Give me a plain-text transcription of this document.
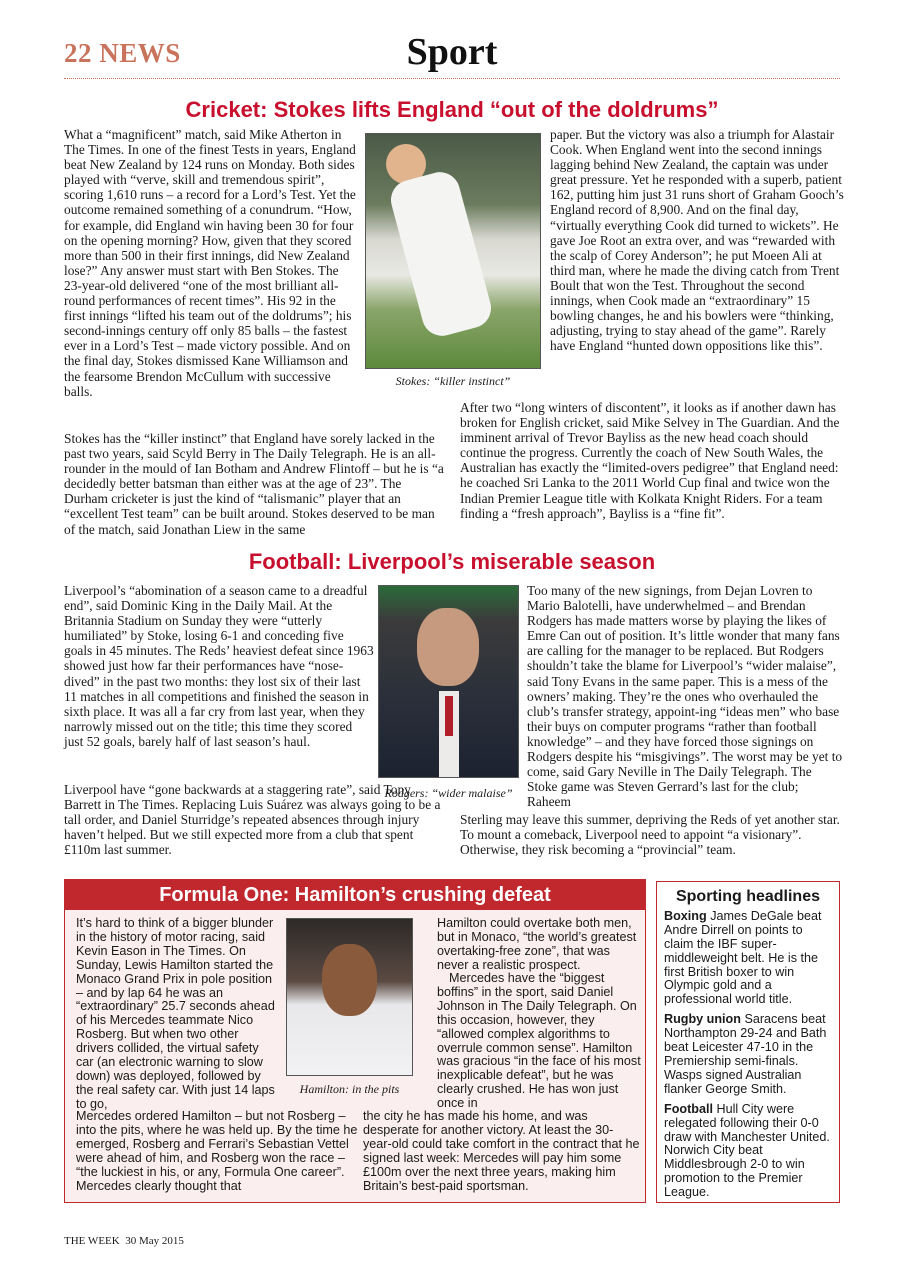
22 NEWS	Sport
Cricket: Stokes lifts England “out of the doldrums”

What a “magnificent” match, said Mike Atherton in The Times. In one of the finest Tests in years, England beat New Zealand by 124 runs on Monday. Both sides played with “verve, skill and tremendous spirit”, scoring 1,610 runs – a record for a Lord’s Test. Yet the outcome remained something of a conundrum. “How, for example, did England win having been 30 for four on the opening morning? How, given that they scored more than 500 in their first innings, did New Zealand lose?” Any answer must start with Ben Stokes. The 23-year-old delivered “one of the most brilliant all-round performances of recent times”. His 92 in the first innings “lifted his team out of the doldrums”; his second-innings century off only 85 balls – the fastest ever in a Lord’s Test – made victory possible. And on the final day, Stokes dismissed Kane Williamson and the fearsome Brendon McCullum with successive balls.

Stokes: “killer instinct”

paper. But the victory was also a triumph for Alastair Cook. When England went into the second innings lagging behind New Zealand, the captain was under great pressure. Yet he responded with a superb, patient 162, putting him just 31 runs short of Graham Gooch’s England record of 8,900. And on the final day, “virtually everything Cook did turned to wickets”. He gave Joe Root an extra over, and was “rewarded with the scalp of Corey Anderson”; he put Moeen Ali at third man, where he made the diving catch from Trent Boult that won the Test. Throughout the second innings, when Cook made an “extraordinary” 15 bowling changes, he and his bowlers were “thinking, adjusting, trying to stay ahead of the game”. Rarely have England “hunted down oppositions like this”.

Stokes has the “killer instinct” that England have sorely lacked in the past two years, said Scyld Berry in The Daily Telegraph. He is an all-rounder in the mould of Ian Botham and Andrew Flintoff – but he is “a decidedly better batsman than either was at the age of 23”. The Durham cricketer is just the kind of “talismanic” player that an “excellent Test team” can be built around. Stokes deserved to be man of the match, said Jonathan Liew in the same

After two “long winters of discontent”, it looks as if another dawn has broken for English cricket, said Mike Selvey in The Guardian. And the imminent arrival of Trevor Bayliss as the new head coach should continue the progress. Currently the coach of New South Wales, the Australian has exactly the “limited-overs pedigree” that England need: he coached Sri Lanka to the 2011 World Cup final and twice won the Indian Premier League title with Kolkata Knight Riders. For a team finding a “fresh approach”, Bayliss is a “fine fit”.

Football: Liverpool’s miserable season

Liverpool’s “abomination of a season came to a dreadful end”, said Dominic King in the Daily Mail. At the Britannia Stadium on Sunday they were “utterly humiliated” by Stoke, losing 6-1 and conceding five goals in 45 minutes. The Reds’ heaviest defeat since 1963 showed just how far their performances have “nose-dived” in the past two months: they lost six of their last 11 matches in all competitions and finished the season in sixth place. It was all a far cry from last year, when they narrowly missed out on the title; this time they scored just 52 goals, barely half of last season’s haul.

Rodgers: “wider malaise”

Too many of the new signings, from Dejan Lovren to Mario Balotelli, have underwhelmed – and Brendan Rodgers has made matters worse by playing the likes of Emre Can out of position. It’s little wonder that many fans are calling for the manager to be replaced. But Rodgers shouldn’t take the blame for Liverpool’s “wider malaise”, said Tony Evans in the same paper. This is a mess of the owners’ making. They’re the ones who overhauled the club’s transfer strategy, appoint-ing “ideas men” who base their buys on computer programs “rather than football knowledge” – and they have forced those signings on Rodgers despite his “misgivings”. The worst may be yet to come, said Gary Neville in The Daily Telegraph. The Stoke game was Steven Gerrard’s last for the club; Raheem

Liverpool have “gone backwards at a staggering rate”, said Tony Barrett in The Times. Replacing Luis Suárez was always going to be a tall order, and Daniel Sturridge’s repeated absences through injury haven’t helped. But we still expected more from a club that spent £110m last summer.

Sterling may leave this summer, depriving the Reds of yet another star. To mount a comeback, Liverpool need to appoint “a visionary”. Otherwise, they risk becoming a “provincial” team.

Formula One: Hamilton’s crushing defeat

It’s hard to think of a bigger blunder in the history of motor racing, said Kevin Eason in The Times. On Sunday, Lewis Hamilton started the Monaco Grand Prix in pole position – and by lap 64 he was an “extraordinary” 25.7 seconds ahead of his Mercedes teammate Nico Rosberg. But when two other drivers collided, the virtual safety car (an electronic warning to slow down) was deployed, followed by the real safety car. With just 14 laps to go,

Hamilton: in the pits

Hamilton could overtake both men, but in Monaco, “the world’s greatest overtaking-free zone”, that was never a realistic prospect.

Mercedes have the “biggest boffins” in the sport, said Daniel Johnson in The Daily Telegraph. On this occasion, however, they “allowed complex algorithms to overrule common sense”. Hamilton was gracious “in the face of his most inexplicable defeat”, but he was clearly crushed. He has won just once in

Mercedes ordered Hamilton – but not Rosberg – into the pits, where he was held up. By the time he emerged, Rosberg and Ferrari’s Sebastian Vettel were ahead of him, and Rosberg won the race – “the luckiest in his, or any, Formula One career”. Mercedes clearly thought that

the city he has made his home, and was desperate for another victory. At least the 30-year-old could take comfort in the contract that he signed last week: Mercedes will pay him some £100m over the next three years, making him Britain’s best-paid sportsman.

Sporting headlines

Boxing James DeGale beat Andre Dirrell on points to claim the IBF super-middleweight belt. He is the first British boxer to win Olympic gold and a professional world title.

Rugby union Saracens beat Northampton 29-24 and Bath beat Leicester 47-10 in the Premiership semi-finals. Wasps signed Australian flanker George Smith.

Football Hull City were relegated following their 0-0 draw with Manchester United. Norwich City beat Middlesbrough 2-0 to win promotion to the Premier League.

THE WEEK  30 May 2015
